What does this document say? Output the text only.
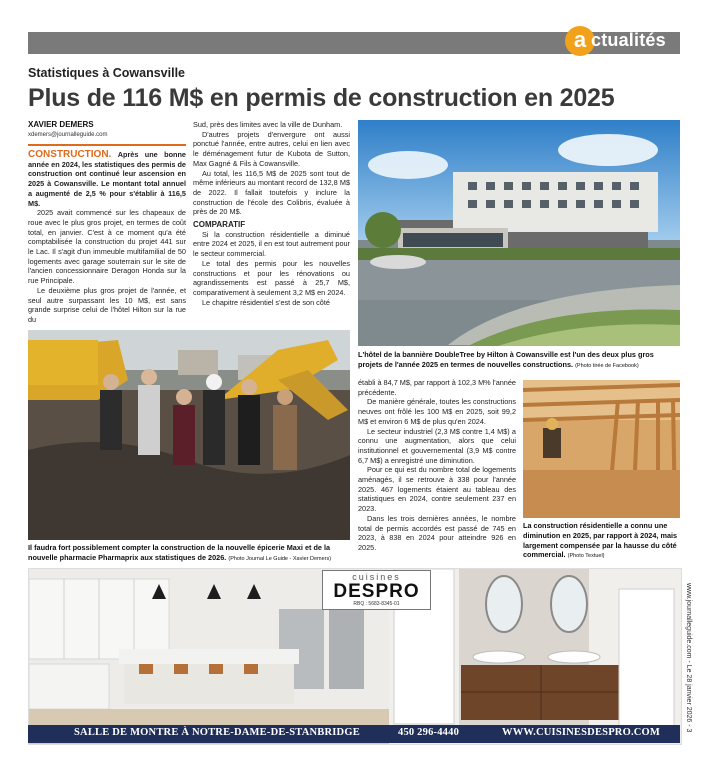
a ctualités
Statistiques à Cowansville
Plus de 116 M$ en permis de construction en 2025
XAVIER DEMERS
xdemers@journalleguide.com

CONSTRUCTION. Après une bonne année en 2024, les statistiques des permis de construction ont continué leur ascension en 2025 à Cowansville. Le montant total annuel a augmenté de 2,5 % pour s'établir à 116,5 M$.

2025 avait commencé sur les chapeaux de roue avec le plus gros projet, en termes de coût total, en janvier. C'est à ce moment qu'a été comptabilisée la construction du projet 441 sur le Lac. Il s'agit d'un immeuble multifamilial de 50 logements avec garage souterrain sur le site de l'ancien concessionnaire Deragon Honda sur la rue Principale.

Le deuxième plus gros projet de l'année, et seul autre surpassant les 10 M$, est sans grande surprise celui de l'hôtel Hilton sur la rue du

Sud, près des limites avec la ville de Dunham.

D'autres projets d'envergure ont aussi ponctué l'année, entre autres, celui en lien avec le déménagement futur de Kubota de Sutton, Max Gagné & Fils à Cowansville.

Au total, les 116,5 M$ de 2025 sont tout de même inférieurs au montant record de 132,8 M$ de 2022. Il fallait toutefois y inclure la construction de l'école des Colibris, évaluée à près de 20 M$.

COMPARATIF

Si la construction résidentielle a diminué entre 2024 et 2025, il en est tout autrement pour le secteur commercial.

Le total des permis pour les nouvelles constructions et pour les rénovations ou agrandissements est passé à 25,7 M$, comparativement à seulement 3,2 M$ en 2024.

Le chapitre résidentiel s'est de son côté

établi à 84,7 M$, par rapport à 102,3 M% l'année précédente.

De manière générale, toutes les constructions neuves ont frôlé les 100 M$ en 2025, soit 99,2 M$ et environ 6 M$ de plus qu'en 2024.

Le secteur industriel (2,3 M$ contre 1,4 M$) a connu une augmentation, alors que celui institutionnel et gouvernemental (3,9 M$ contre 6,7 M$) a enregistré une diminution.

Pour ce qui est du nombre total de logements aménagés, il se retrouve à 338 pour l'année 2025. 467 logements étaient au tableau des statistiques en 2024, contre seulement 237 en 2023.

Dans les trois dernières années, le nombre total de permis accordés est passé de 745 en 2023, à 838 en 2024 pour atteindre 926 en 2025.

L'hôtel de la bannière DoubleTree by Hilton à Cowansville est l'un des deux plus gros projets de l'année 2025 en termes de nouvelles constructions. (Photo tirée de Facebook)
Il faudra fort possiblement compter la construction de la nouvelle épicerie Maxi et de la nouvelle pharmacie Pharmaprix aux statistiques de 2026. (Photo Journal Le Guide - Xavier Demers)
La construction résidentielle a connu une diminution en 2025, par rapport à 2024, mais largement compensée par la hausse du côté commercial. (Photo Textuel)
cuisines
DESPRO
RBQ : 5683-8345-01
SALLE DE MONTRE À NOTRE-DAME-DE-STANBRIDGE	450 296-4440	WWW.CUISINESDESPRO.COM
www.journalleguide.com - Le 28 janvier 2026 - 3
